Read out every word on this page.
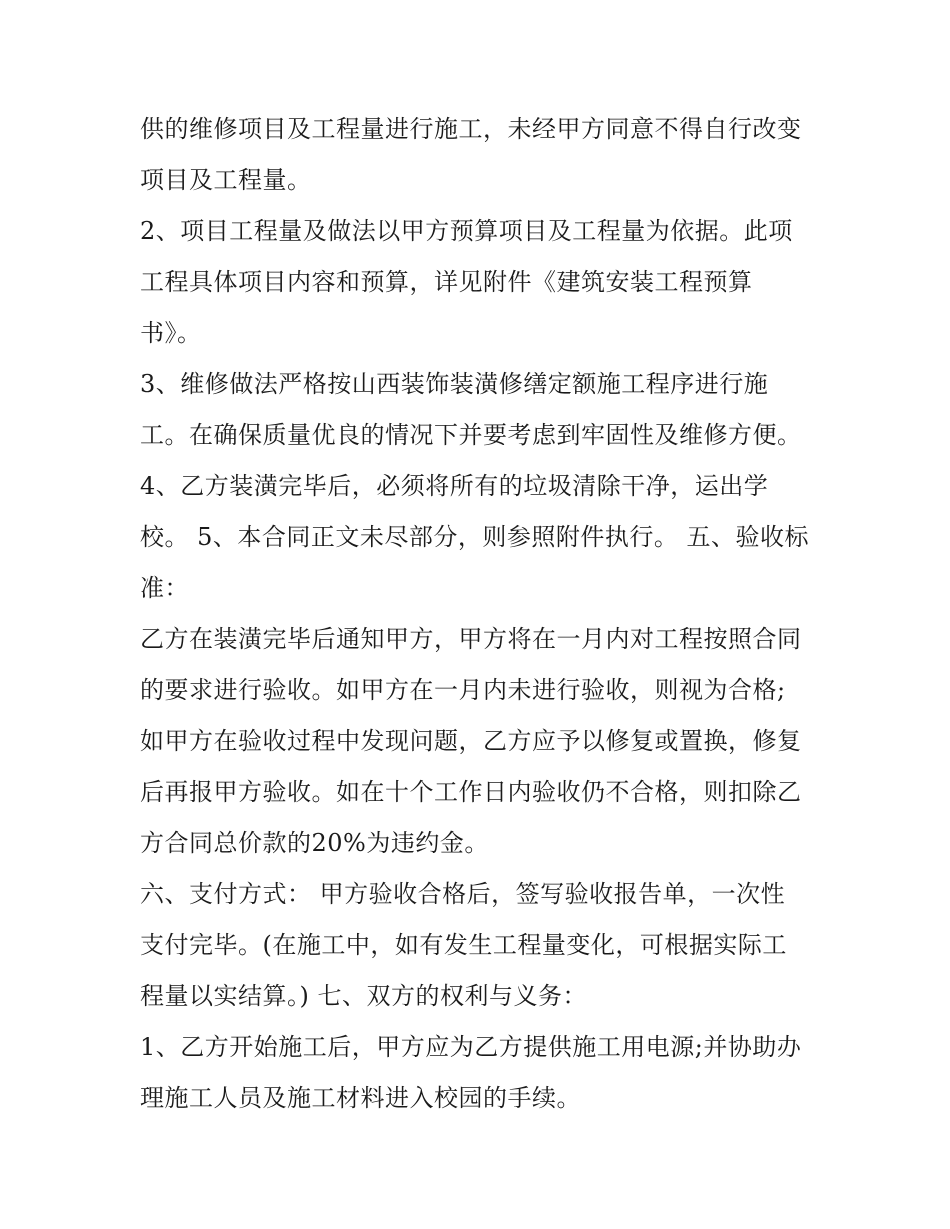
供的维修项目及工程量进行施工，未经甲方同意不得自行改变
项目及工程量。
2、项目工程量及做法以甲方预算项目及工程量为依据。此项
工程具体项目内容和预算，详见附件《建筑安装工程预算
书》。
3、维修做法严格按山西装饰装潢修缮定额施工程序进行施
工。在确保质量优良的情况下并要考虑到牢固性及维修方便。
4、乙方装潢完毕后，必须将所有的垃圾清除干净，运出学
校。 5、本合同正文未尽部分，则参照附件执行。 五、验收标
准：
乙方在装潢完毕后通知甲方，甲方将在一月内对工程按照合同
的要求进行验收。如甲方在一月内未进行验收，则视为合格;
如甲方在验收过程中发现问题，乙方应予以修复或置换，修复
后再报甲方验收。如在十个工作日内验收仍不合格，则扣除乙
方合同总价款的20%为违约金。
六、支付方式： 甲方验收合格后，签写验收报告单，一次性
支付完毕。(在施工中，如有发生工程量变化，可根据实际工
程量以实结算。) 七、双方的权利与义务：
1、乙方开始施工后，甲方应为乙方提供施工用电源;并协助办
理施工人员及施工材料进入校园的手续。
